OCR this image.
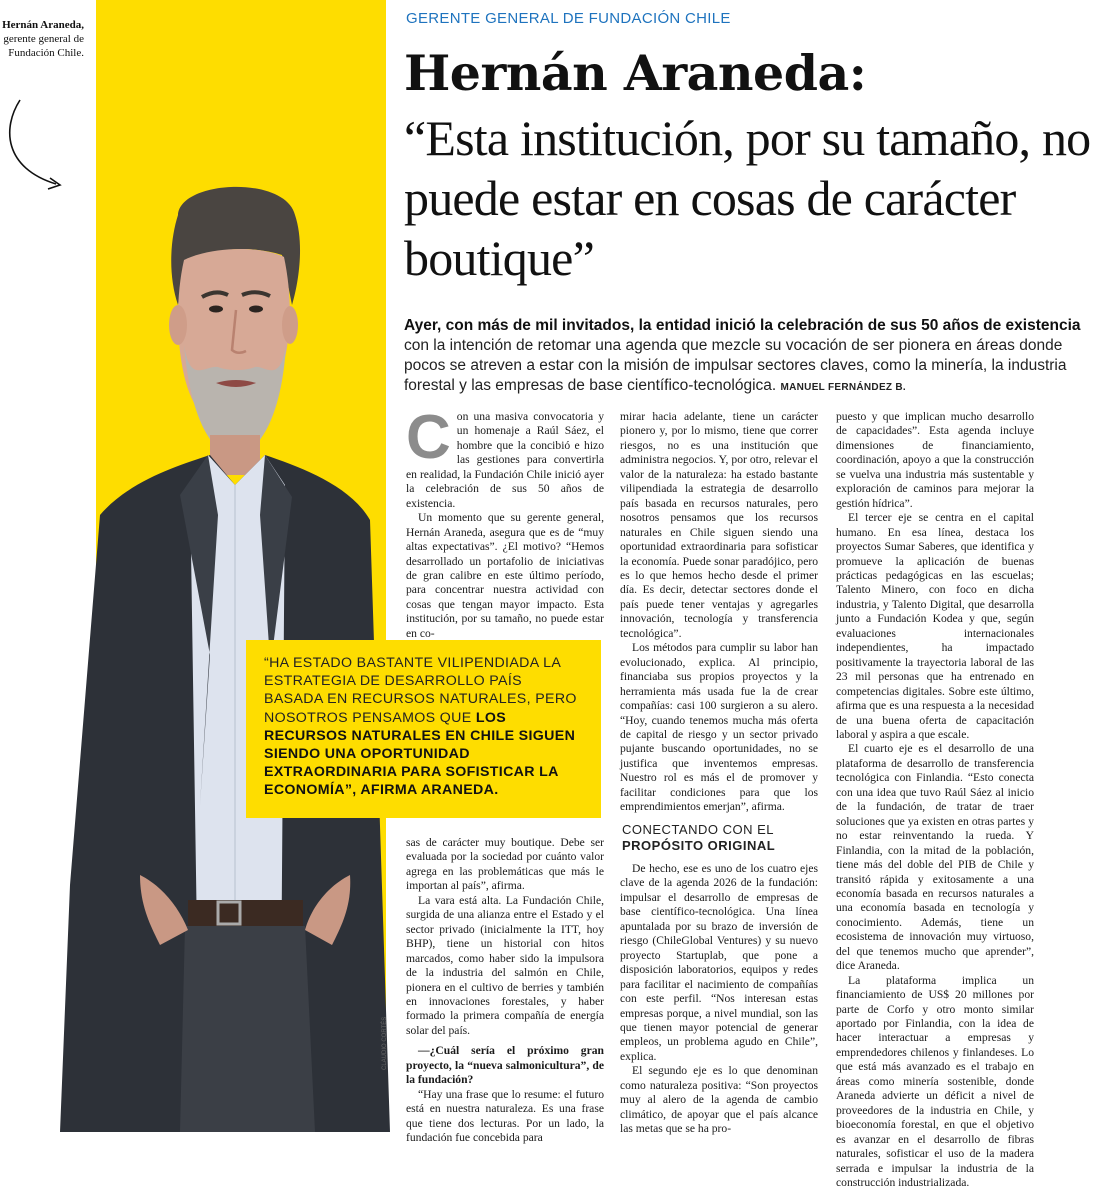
Hernán Araneda,
gerente general de Fundación Chile.
GERENTE GENERAL DE FUNDACIÓN CHILE
Hernán Araneda:
“Esta institución, por su tamaño, no puede estar en cosas de carácter boutique”
Ayer, con más de mil invitados, la entidad inició la celebración de sus 50 años de existencia con la intención de retomar una agenda que mezcle su vocación de ser pionera en áreas donde pocos se atreven a estar con la misión de impulsar sectores claves, como la minería, la industria forestal y las empresas de base científico-tecnológica. MANUEL FERNÁNDEZ B.

Con una masiva convocatoria y un homenaje a Raúl Sáez, el hombre que la concibió e hizo las gestiones para convertirla en realidad, la Fundación Chile inició ayer la celebración de sus 50 años de existencia.

Un momento que su gerente general, Hernán Araneda, asegura que es de “muy altas expectativas”. ¿El motivo? “Hemos desarrollado un portafolio de iniciativas de gran calibre en este último período, para concentrar nuestra actividad con cosas que tengan mayor impacto. Esta institución, por su tamaño, no puede estar en co-

“HA ESTADO BASTANTE VILIPENDIADA LA ESTRATEGIA DE DESARROLLO PAÍS BASADA EN RECURSOS NATURALES, PERO NOSOTROS PENSAMOS QUE LOS RECURSOS NATURALES EN CHILE SIGUEN SIENDO UNA OPORTUNIDAD EXTRAORDINARIA PARA SOFISTICAR LA ECONOMÍA”, AFIRMA ARANEDA.

sas de carácter muy boutique. Debe ser evaluada por la sociedad por cuánto valor agrega en las problemáticas que más le importan al país”, afirma.

La vara está alta. La Fundación Chile, surgida de una alianza entre el Estado y el sector privado (inicialmente la ITT, hoy BHP), tiene un historial con hitos marcados, como haber sido la impulsora de la industria del salmón en Chile, pionera en el cultivo de berries y también en innovaciones forestales, y haber formado la primera compañía de energía solar del país.

—¿Cuál sería el próximo gran proyecto, la “nueva salmonicultura”, de la fundación?

“Hay una frase que lo resume: el futuro está en nuestra naturaleza. Es una frase que tiene dos lecturas. Por un lado, la fundación fue concebida para

mirar hacia adelante, tiene un carácter pionero y, por lo mismo, tiene que correr riesgos, no es una institución que administra negocios. Y, por otro, relevar el valor de la naturaleza: ha estado bastante vilipendiada la estrategia de desarrollo país basada en recursos naturales, pero nosotros pensamos que los recursos naturales en Chile siguen siendo una oportunidad extraordinaria para sofisticar la economía. Puede sonar paradójico, pero es lo que hemos hecho desde el primer día. Es decir, detectar sectores donde el país puede tener ventajas y agregarles innovación, tecnología y transferencia tecnológica”.

Los métodos para cumplir su labor han evolucionado, explica. Al principio, financiaba sus propios proyectos y la herramienta más usada fue la de crear compañías: casi 100 surgieron a su alero. “Hoy, cuando tenemos mucha más oferta de capital de riesgo y un sector privado pujante buscando oportunidades, no se justifica que inventemos empresas. Nuestro rol es más el de promover y facilitar condiciones para que los emprendimientos emerjan”, afirma.

CONECTANDO CON EL
PROPÓSITO ORIGINAL

De hecho, ese es uno de los cuatro ejes clave de la agenda 2026 de la fundación: impulsar el desarrollo de empresas de base científico-tecnológica. Una línea apuntalada por su brazo de inversión de riesgo (ChileGlobal Ventures) y su nuevo proyecto Startuplab, que pone a disposición laboratorios, equipos y redes para facilitar el nacimiento de compañías con este perfil. “Nos interesan estas empresas porque, a nivel mundial, son las que tienen mayor potencial de generar empleos, un problema agudo en Chile”, explica.

El segundo eje es lo que denominan como naturaleza positiva: “Son proyectos muy al alero de la agenda de cambio climático, de apoyar que el país alcance las metas que se ha pro-

puesto y que implican mucho desarrollo de capacidades”. Esta agenda incluye dimensiones de financiamiento, coordinación, apoyo a que la construcción se vuelva una industria más sustentable y exploración de caminos para mejorar la gestión hídrica”.

El tercer eje se centra en el capital humano. En esa línea, destaca los proyectos Sumar Saberes, que identifica y promueve la aplicación de buenas prácticas pedagógicas en las escuelas; Talento Minero, con foco en dicha industria, y Talento Digital, que desarrolla junto a Fundación Kodea y que, según evaluaciones internacionales independientes, ha impactado positivamente la trayectoria laboral de las 23 mil personas que ha entrenado en competencias digitales. Sobre este último, afirma que es una respuesta a la necesidad de una buena oferta de capacitación laboral y aspira a que escale.

El cuarto eje es el desarrollo de una plataforma de desarrollo de transferencia tecnológica con Finlandia. “Esto conecta con una idea que tuvo Raúl Sáez al inicio de la fundación, de tratar de traer soluciones que ya existen en otras partes y no estar reinventando la rueda. Y Finlandia, con la mitad de la población, tiene más del doble del PIB de Chile y transitó rápida y exitosamente a una economía basada en recursos naturales a una economía basada en tecnología y conocimiento. Además, tiene un ecosistema de innovación muy virtuoso, del que tenemos mucho que aprender”, dice Araneda.

La plataforma implica un financiamiento de US$ 20 millones por parte de Corfo y otro monto similar aportado por Finlandia, con la idea de hacer interactuar a empresas y emprendedores chilenos y finlandeses. Lo que está más avanzado es el trabajo en áreas como minería sostenible, donde Araneda advierte un déficit a nivel de proveedores de la industria en Chile, y bioeconomía forestal, en que el objetivo es avanzar en el desarrollo de fibras naturales, sofisticar el uso de la madera serrada e impulsar la industria de la construcción industrializada.

CLAUDIO CORTÉS
